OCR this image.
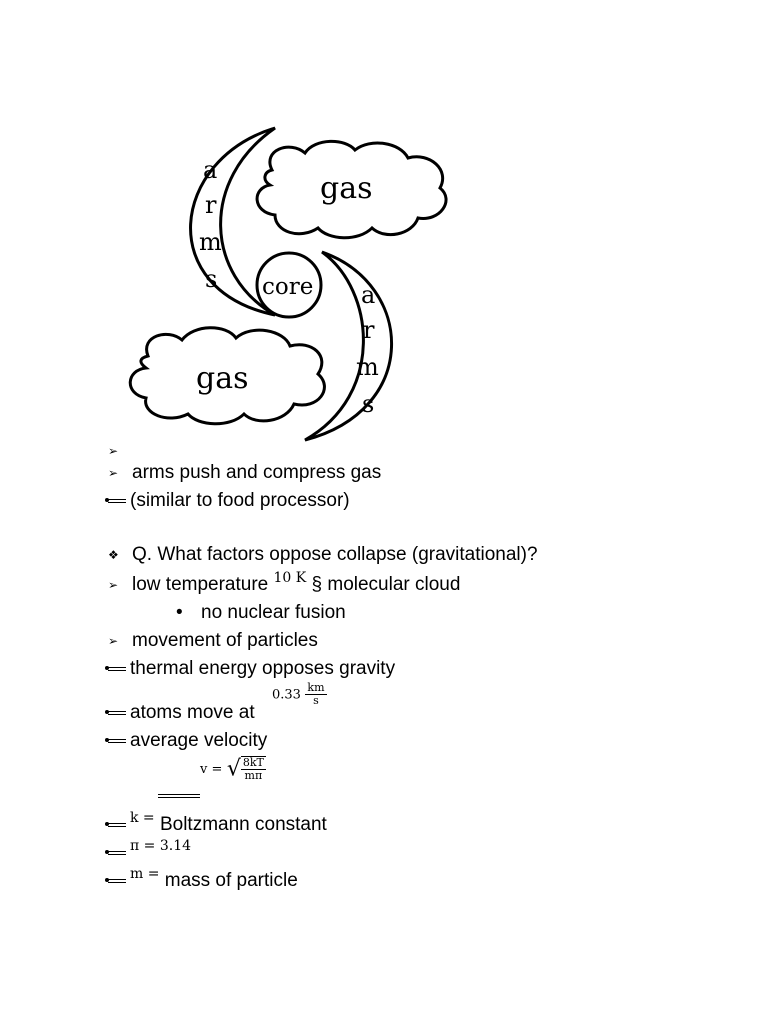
a
r
m
s
a
r
m
s
gas
gas
core
➢
➢ arms push and compress gas
(similar to food processor)
❖ Q. What factors oppose collapse (gravitational)?
➢ low temperature $^{10 K}$ § molecular cloud
• no nuclear fusion
➢ movement of particles
thermal energy opposes gravity
$0.33 \frac{km}{s}$
atoms move at
average velocity
v = √ $\frac{8kT}{m\pi}$
$^{k =}$ Boltzmann constant
$^{\pi = 3.14}$
$^{m =}$ mass of particle
